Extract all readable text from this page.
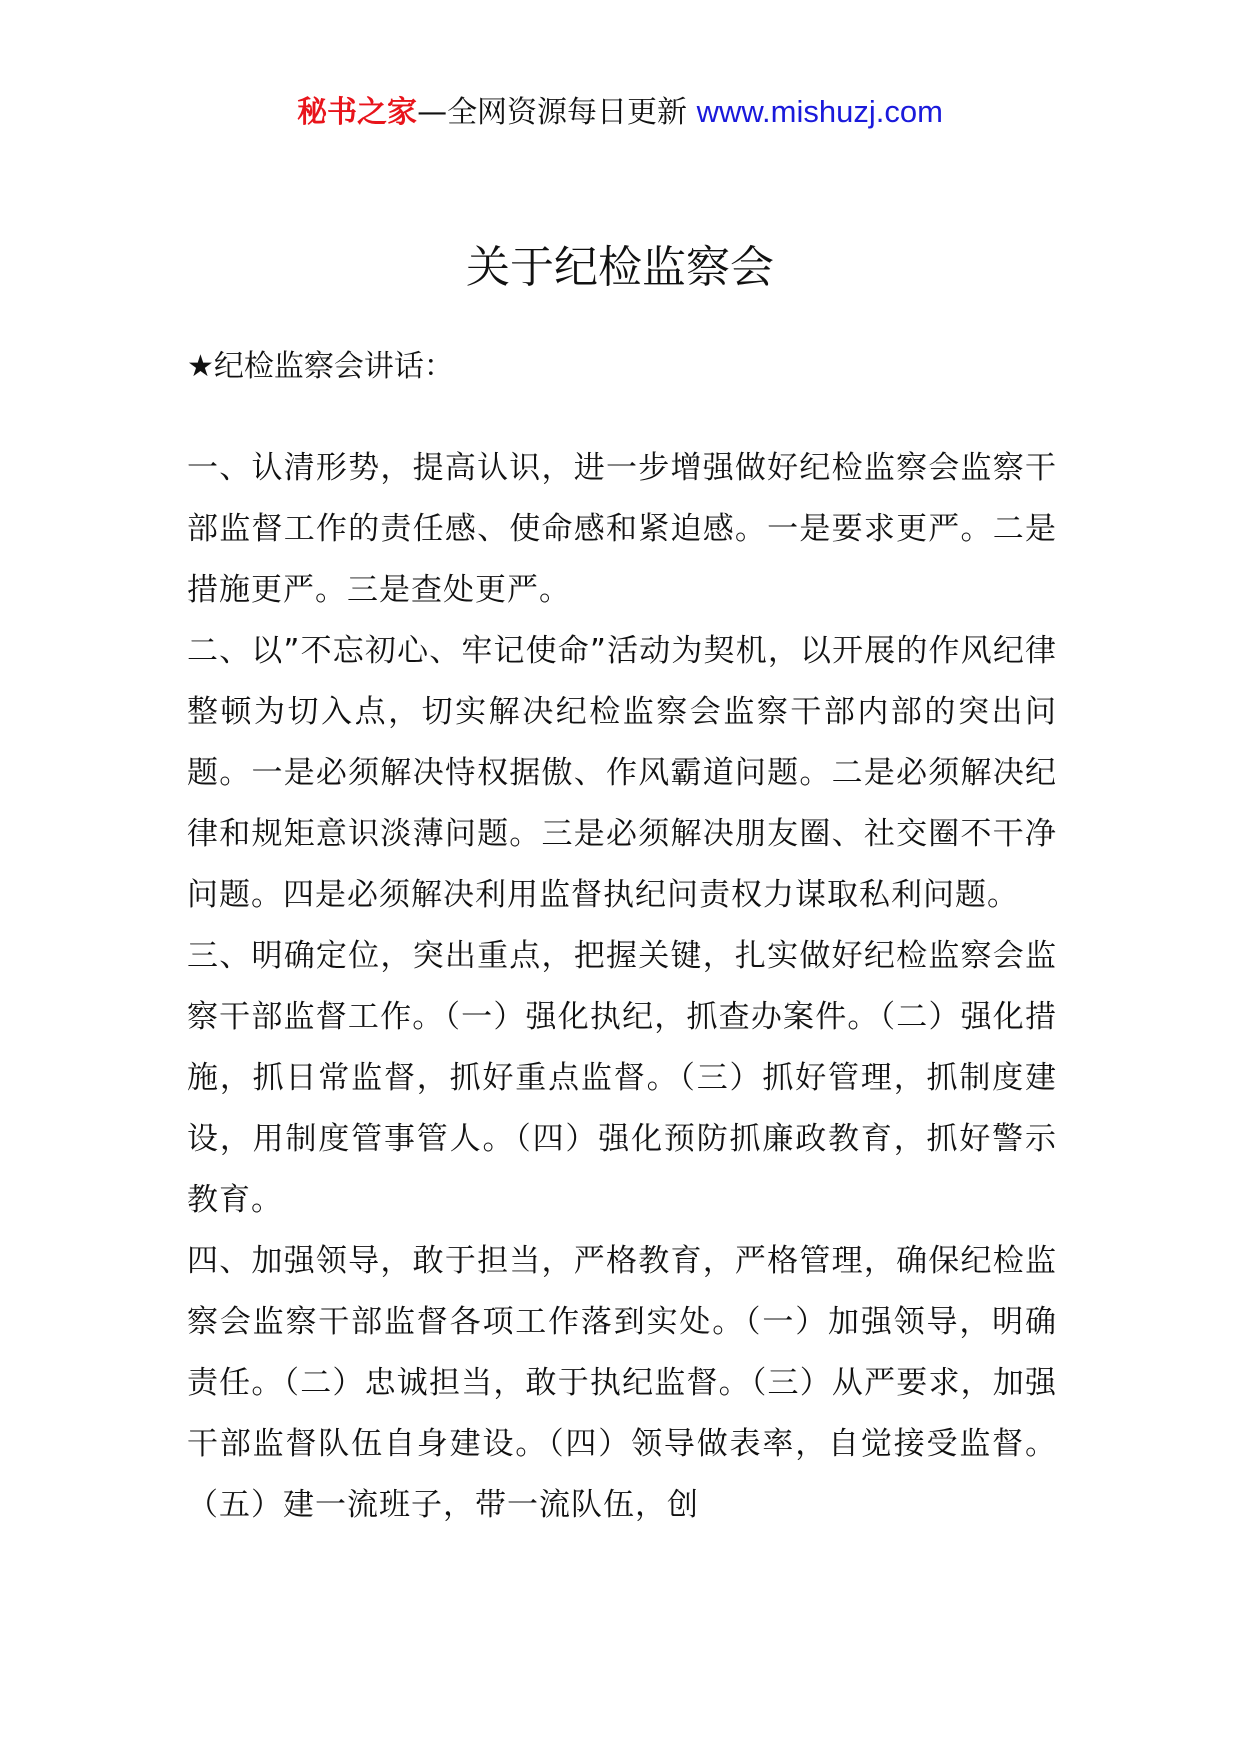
秘书之家—全网资源每日更新 www.mishuzj.com
关于纪检监察会

★纪检监察会讲话：

一、认清形势，提高认识，进一步增强做好纪检监察会监察干部监督工作的责任感、使命感和紧迫感。一是要求更严。二是措施更严。三是查处更严。

二、以”不忘初心、牢记使命”活动为契机，以开展的作风纪律整顿为切入点，切实解决纪检监察会监察干部内部的突出问题。一是必须解决恃权据傲、作风霸道问题。二是必须解决纪律和规矩意识淡薄问题。三是必须解决朋友圈、社交圈不干净问题。四是必须解决利用监督执纪问责权力谋取私利问题。

三、明确定位，突出重点，把握关键，扎实做好纪检监察会监察干部监督工作。（一）强化执纪，抓查办案件。（二）强化措施，抓日常监督，抓好重点监督。（三）抓好管理，抓制度建设，用制度管事管人。（四）强化预防抓廉政教育，抓好警示教育。

四、加强领导，敢于担当，严格教育，严格管理，确保纪检监察会监察干部监督各项工作落到实处。（一）加强领导，明确责任。（二）忠诚担当，敢于执纪监督。（三）从严要求，加强干部监督队伍自身建设。（四）领导做表率，自觉接受监督。（五）建一流班子，带一流队伍，创
